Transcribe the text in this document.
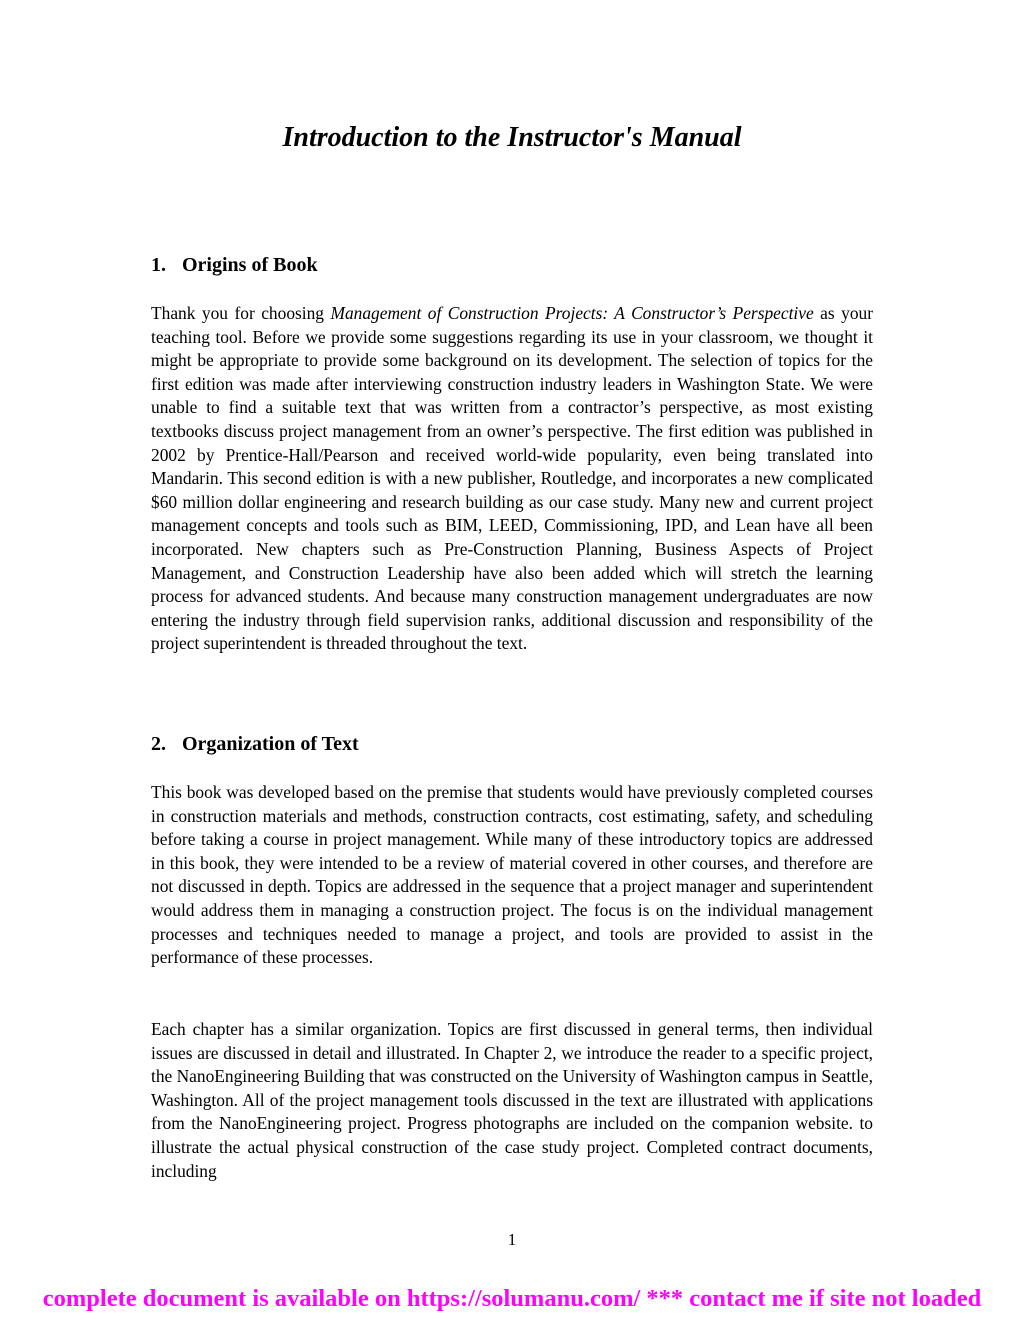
Introduction to the Instructor's Manual
1. Origins of Book
Thank you for choosing Management of Construction Projects: A Constructor’s Perspective as your teaching tool. Before we provide some suggestions regarding its use in your classroom, we thought it might be appropriate to provide some background on its development. The selection of topics for the first edition was made after interviewing construction industry leaders in Washington State. We were unable to find a suitable text that was written from a contractor’s perspective, as most existing textbooks discuss project management from an owner’s perspective. The first edition was published in 2002 by Prentice-Hall/Pearson and received world-wide popularity, even being translated into Mandarin. This second edition is with a new publisher, Routledge, and incorporates a new complicated $60 million dollar engineering and research building as our case study. Many new and current project management concepts and tools such as BIM, LEED, Commissioning, IPD, and Lean have all been incorporated. New chapters such as Pre-Construction Planning, Business Aspects of Project Management, and Construction Leadership have also been added which will stretch the learning process for advanced students. And because many construction management undergraduates are now entering the industry through field supervision ranks, additional discussion and responsibility of the project superintendent is threaded throughout the text.
2. Organization of Text
This book was developed based on the premise that students would have previously completed courses in construction materials and methods, construction contracts, cost estimating, safety, and scheduling before taking a course in project management. While many of these introductory topics are addressed in this book, they were intended to be a review of material covered in other courses, and therefore are not discussed in depth. Topics are addressed in the sequence that a project manager and superintendent would address them in managing a construction project. The focus is on the individual management processes and techniques needed to manage a project, and tools are provided to assist in the performance of these processes.
Each chapter has a similar organization. Topics are first discussed in general terms, then individual issues are discussed in detail and illustrated. In Chapter 2, we introduce the reader to a specific project, the NanoEngineering Building that was constructed on the University of Washington campus in Seattle, Washington. All of the project management tools discussed in the text are illustrated with applications from the NanoEngineering project. Progress photographs are included on the companion website. to illustrate the actual physical construction of the case study project. Completed contract documents, including
1
complete document is available on https://solumanu.com/ *** contact me if site not loaded
